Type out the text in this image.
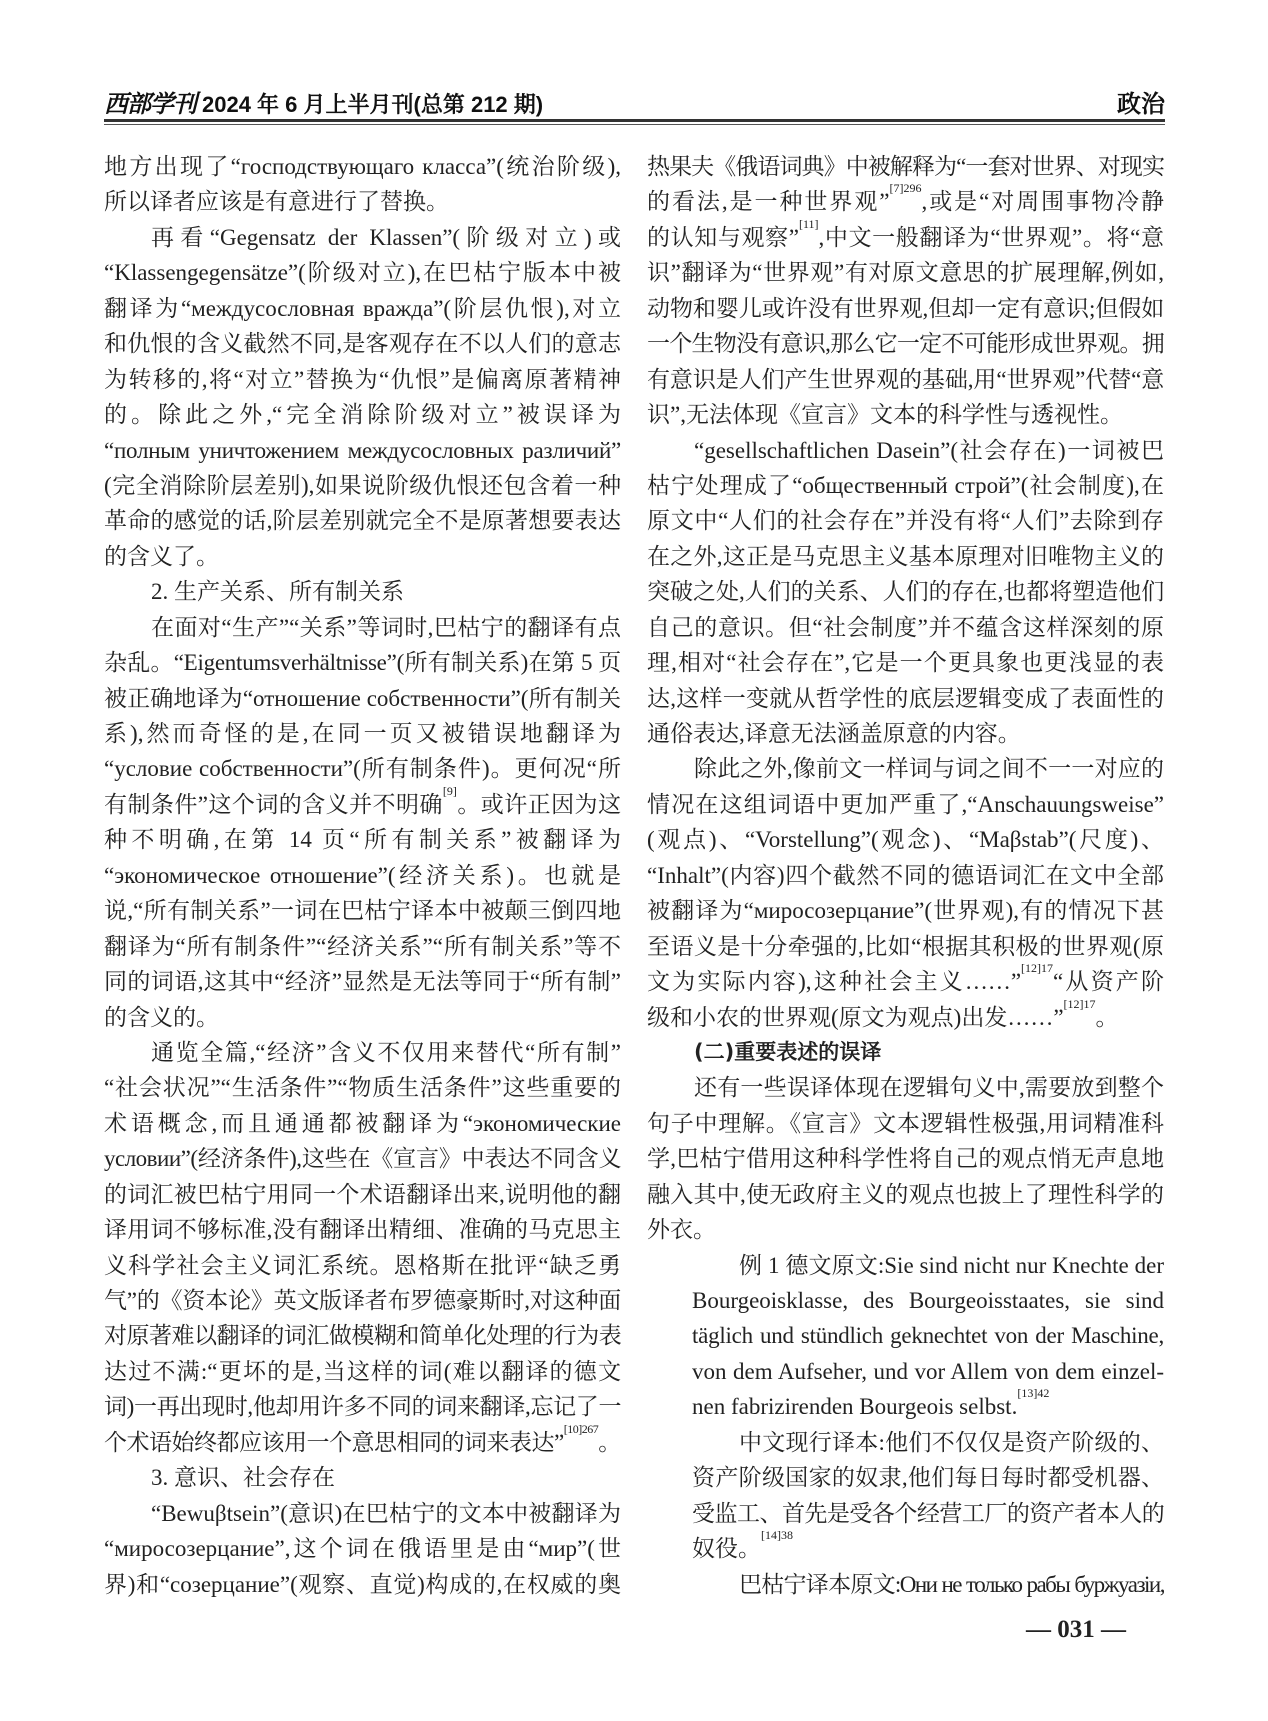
西部学刊 2024 年 6 月上半月刊(总第 212 期)	政治
地方出现了“господствующаго класса”(统治阶级),
所以译者应该是有意进行了替换。
再看“Gegensatz der Klassen”(阶级对立)或
“Klassengegensätze”(阶级对立),在巴枯宁版本中被
翻译为“междусословная вражда”(阶层仇恨),对立
和仇恨的含义截然不同,是客观存在不以人们的意志
为转移的,将“对立”替换为“仇恨”是偏离原著精神
的。除此之外,“完全消除阶级对立”被误译为
“полным уничтожением междусословных различий”
(完全消除阶层差别),如果说阶级仇恨还包含着一种
革命的感觉的话,阶层差别就完全不是原著想要表达
的含义了。
2. 生产关系、所有制关系
在面对“生产”“关系”等词时,巴枯宁的翻译有点
杂乱。“Eigentumsverhältnisse”(所有制关系)在第 5 页
被正确地译为“отношение собственности”(所有制关
系),然而奇怪的是,在同一页又被错误地翻译为
“условие собственности”(所有制条件)。更何况“所
有制条件”这个词的含义并不明确[9]。或许正因为这
种不明确,在第 14 页“所有制关系”被翻译为
“экономическое отношение”(经济关系)。也就是
说,“所有制关系”一词在巴枯宁译本中被颠三倒四地
翻译为“所有制条件”“经济关系”“所有制关系”等不
同的词语,这其中“经济”显然是无法等同于“所有制”
的含义的。
通览全篇,“经济”含义不仅用来替代“所有制”
“社会状况”“生活条件”“物质生活条件”这些重要的
术语概念,而且通通都被翻译为“экономические
условии”(经济条件),这些在《宣言》中表达不同含义
的词汇被巴枯宁用同一个术语翻译出来,说明他的翻
译用词不够标准,没有翻译出精细、准确的马克思主
义科学社会主义词汇系统。恩格斯在批评“缺乏勇
气”的《资本论》英文版译者布罗德豪斯时,对这种面
对原著难以翻译的词汇做模糊和简单化处理的行为表
达过不满:“更坏的是,当这样的词(难以翻译的德文
词)一再出现时,他却用许多不同的词来翻译,忘记了一
个术语始终都应该用一个意思相同的词来表达”$^{[10]267}$。
3. 意识、社会存在
“Bewuβtsein”(意识)在巴枯宁的文本中被翻译为
“миросозерцание”,这个词在俄语里是由“мир”(世
界)和“созерцание”(观察、直觉)构成的,在权威的奥
热果夫《俄语词典》中被解释为“一套对世界、对现实
的看法,是一种世界观”$^{[7]296}$,或是“对周围事物冷静
的认知与观察”[11],中文一般翻译为“世界观”。将“意
识”翻译为“世界观”有对原文意思的扩展理解,例如,
动物和婴儿或许没有世界观,但却一定有意识;但假如
一个生物没有意识,那么它一定不可能形成世界观。拥
有意识是人们产生世界观的基础,用“世界观”代替“意
识”,无法体现《宣言》文本的科学性与透视性。
“gesellschaftlichen Dasein”(社会存在)一词被巴
枯宁处理成了“общественный строй”(社会制度),在
原文中“人们的社会存在”并没有将“人们”去除到存
在之外,这正是马克思主义基本原理对旧唯物主义的
突破之处,人们的关系、人们的存在,也都将塑造他们
自己的意识。但“社会制度”并不蕴含这样深刻的原
理,相对“社会存在”,它是一个更具象也更浅显的表
达,这样一变就从哲学性的底层逻辑变成了表面性的
通俗表达,译意无法涵盖原意的内容。
除此之外,像前文一样词与词之间不一一对应的
情况在这组词语中更加严重了,“Anschauungsweise”
(观点)、“Vorstellung”(观念)、“Maβstab”(尺度)、
“Inhalt”(内容)四个截然不同的德语词汇在文中全部
被翻译为“миросозерцание”(世界观),有的情况下甚
至语义是十分牵强的,比如“根据其积极的世界观(原
文为实际内容),这种社会主义……”$^{[12]17}$“从资产阶
级和小农的世界观(原文为观点)出发……”$^{[12]17}$。
(二)重要表述的误译
还有一些误译体现在逻辑句义中,需要放到整个
句子中理解。《宣言》文本逻辑性极强,用词精准科
学,巴枯宁借用这种科学性将自己的观点悄无声息地
融入其中,使无政府主义的观点也披上了理性科学的
外衣。
例 1 德文原文:Sie sind nicht nur Knechte der
Bourgeoisklasse, des Bourgeoisstaates, sie sind
täglich und stündlich geknechtet von der Maschine,
von dem Aufseher, und vor Allem von dem einzel-
nen fabrizirenden Bourgeois selbst.$^{[13]42}$
中文现行译本:他们不仅仅是资产阶级的、
资产阶级国家的奴隶,他们每日每时都受机器、
受监工、首先是受各个经营工厂的资产者本人的
奴役。$^{[14]38}$
巴枯宁译本原文:Они не только рабы буржуазіи,
— 031 —
